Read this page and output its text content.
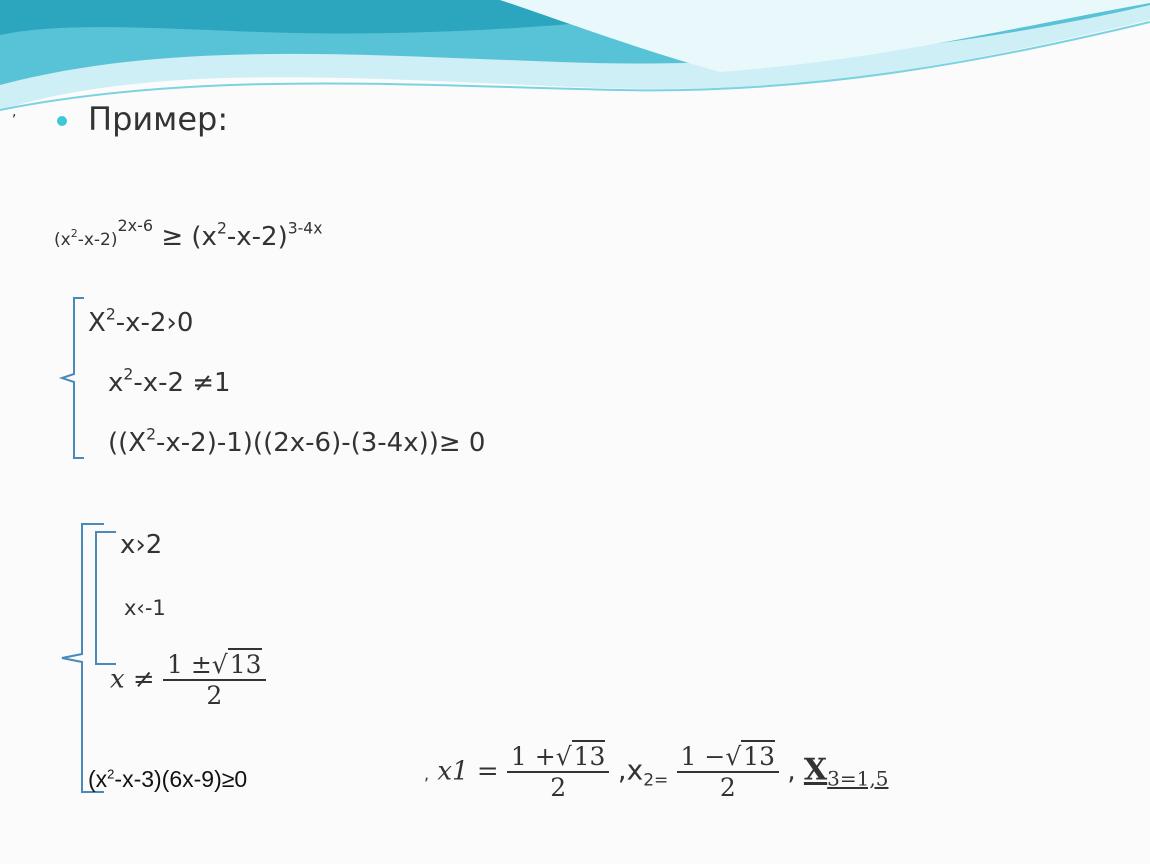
, Пример:
$(x^2-x-2)^{2x-6} \ge (x^2-x-2)^{3-4x}$
$X^2-x-2›0$
$x^2-x-2 \ne 1$
$((X^2-x-2)-1)((2x-6)-(3-4x))\ge 0$
x›2
x‹-1
$x \ne \frac{1 \pm√13}{2}$
$(x^2-x-3)(6x-9)\ge 0$	, $x1 = \frac{1 +√13}{2} ,x_{2=} \frac{1 -√13}{2}$ , $X_{3=1,5}$
